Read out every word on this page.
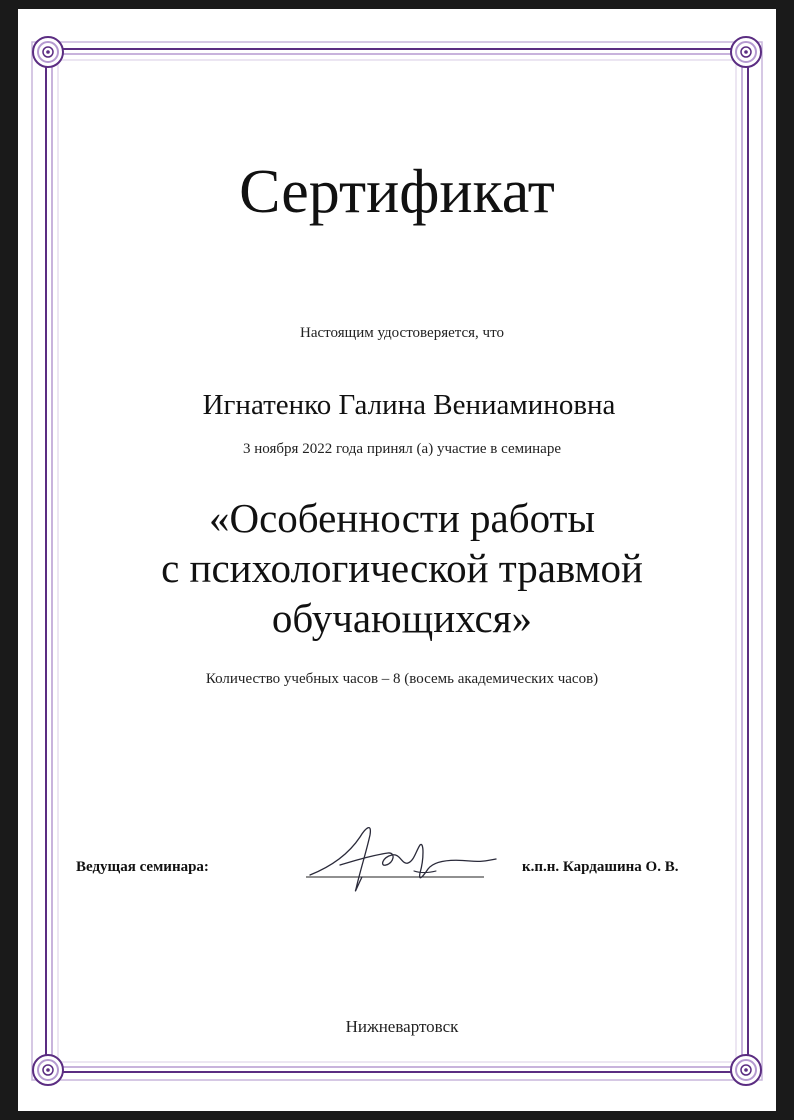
Сертификат
Настоящим удостоверяется, что
Игнатенко Галина Вениаминовна
3 ноября 2022 года принял (а) участие в семинаре
«Особенности работы
с психологической травмой
обучающихся»
Количество учебных часов – 8 (восемь академических часов)
Ведущая семинара:	к.п.н. Кардашина О. В.
Нижневартовск
